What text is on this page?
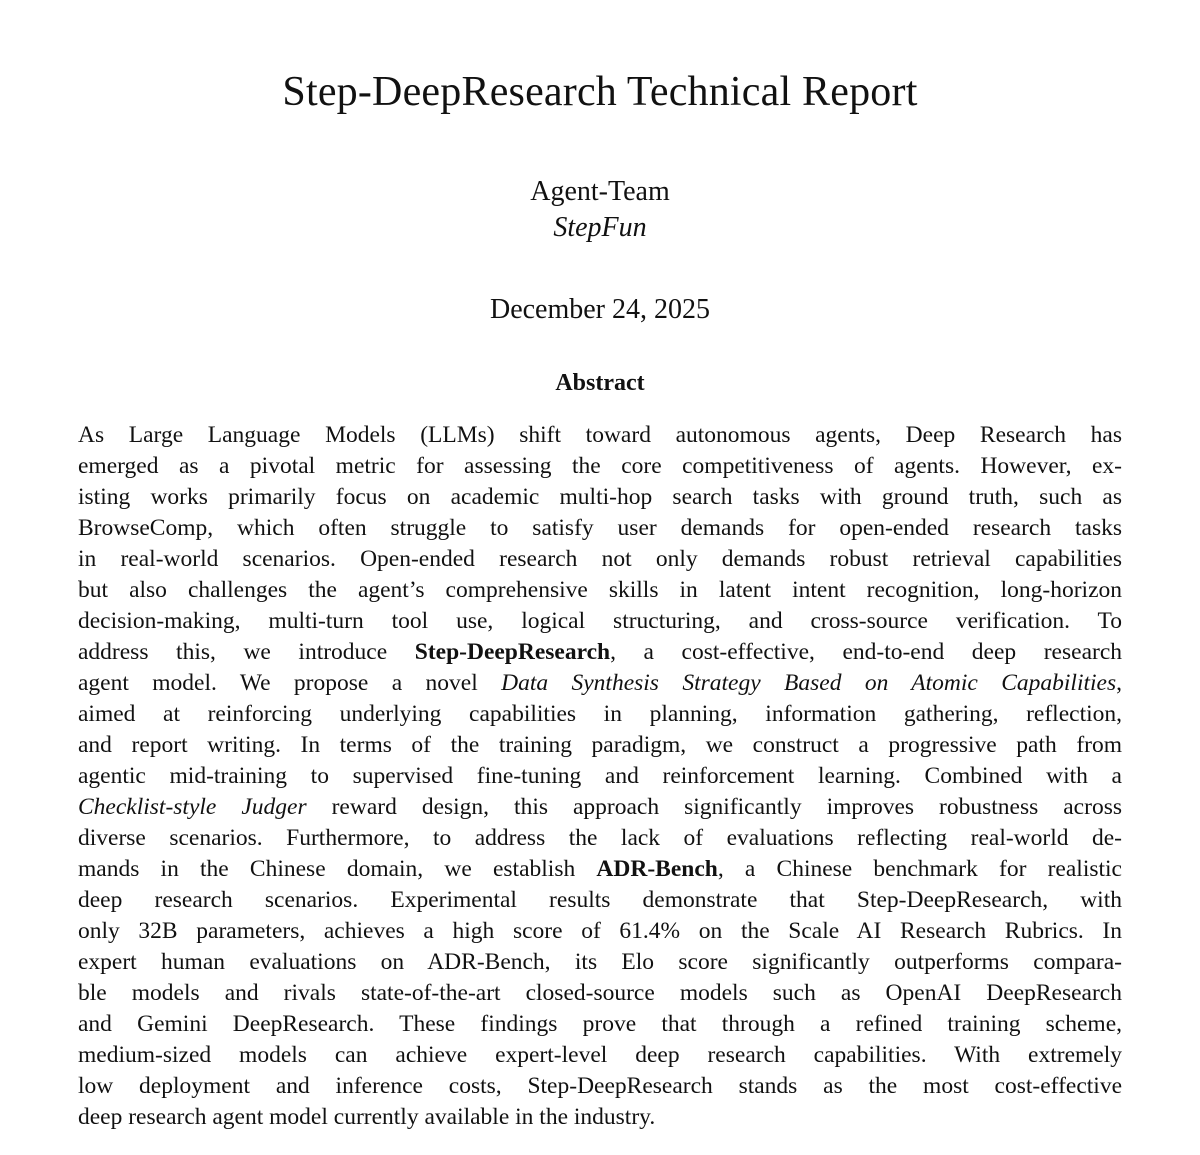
Step-DeepResearch Technical Report
Agent-Team
StepFun
December 24, 2025
Abstract
As Large Language Models (LLMs) shift toward autonomous agents, Deep Research has
emerged as a pivotal metric for assessing the core competitiveness of agents. However, ex-
isting works primarily focus on academic multi-hop search tasks with ground truth, such as
BrowseComp, which often struggle to satisfy user demands for open-ended research tasks
in real-world scenarios. Open-ended research not only demands robust retrieval capabilities
but also challenges the agent’s comprehensive skills in latent intent recognition, long-horizon
decision-making, multi-turn tool use, logical structuring, and cross-source verification. To
address this, we introduce Step-DeepResearch, a cost-effective, end-to-end deep research
agent model. We propose a novel Data Synthesis Strategy Based on Atomic Capabilities,
aimed at reinforcing underlying capabilities in planning, information gathering, reflection,
and report writing. In terms of the training paradigm, we construct a progressive path from
agentic mid-training to supervised fine-tuning and reinforcement learning. Combined with a
Checklist-style Judger reward design, this approach significantly improves robustness across
diverse scenarios. Furthermore, to address the lack of evaluations reflecting real-world de-
mands in the Chinese domain, we establish ADR-Bench, a Chinese benchmark for realistic
deep research scenarios. Experimental results demonstrate that Step-DeepResearch, with
only 32B parameters, achieves a high score of 61.4% on the Scale AI Research Rubrics. In
expert human evaluations on ADR-Bench, its Elo score significantly outperforms compara-
ble models and rivals state-of-the-art closed-source models such as OpenAI DeepResearch
and Gemini DeepResearch. These findings prove that through a refined training scheme,
medium-sized models can achieve expert-level deep research capabilities. With extremely
low deployment and inference costs, Step-DeepResearch stands as the most cost-effective
deep research agent model currently available in the industry.
